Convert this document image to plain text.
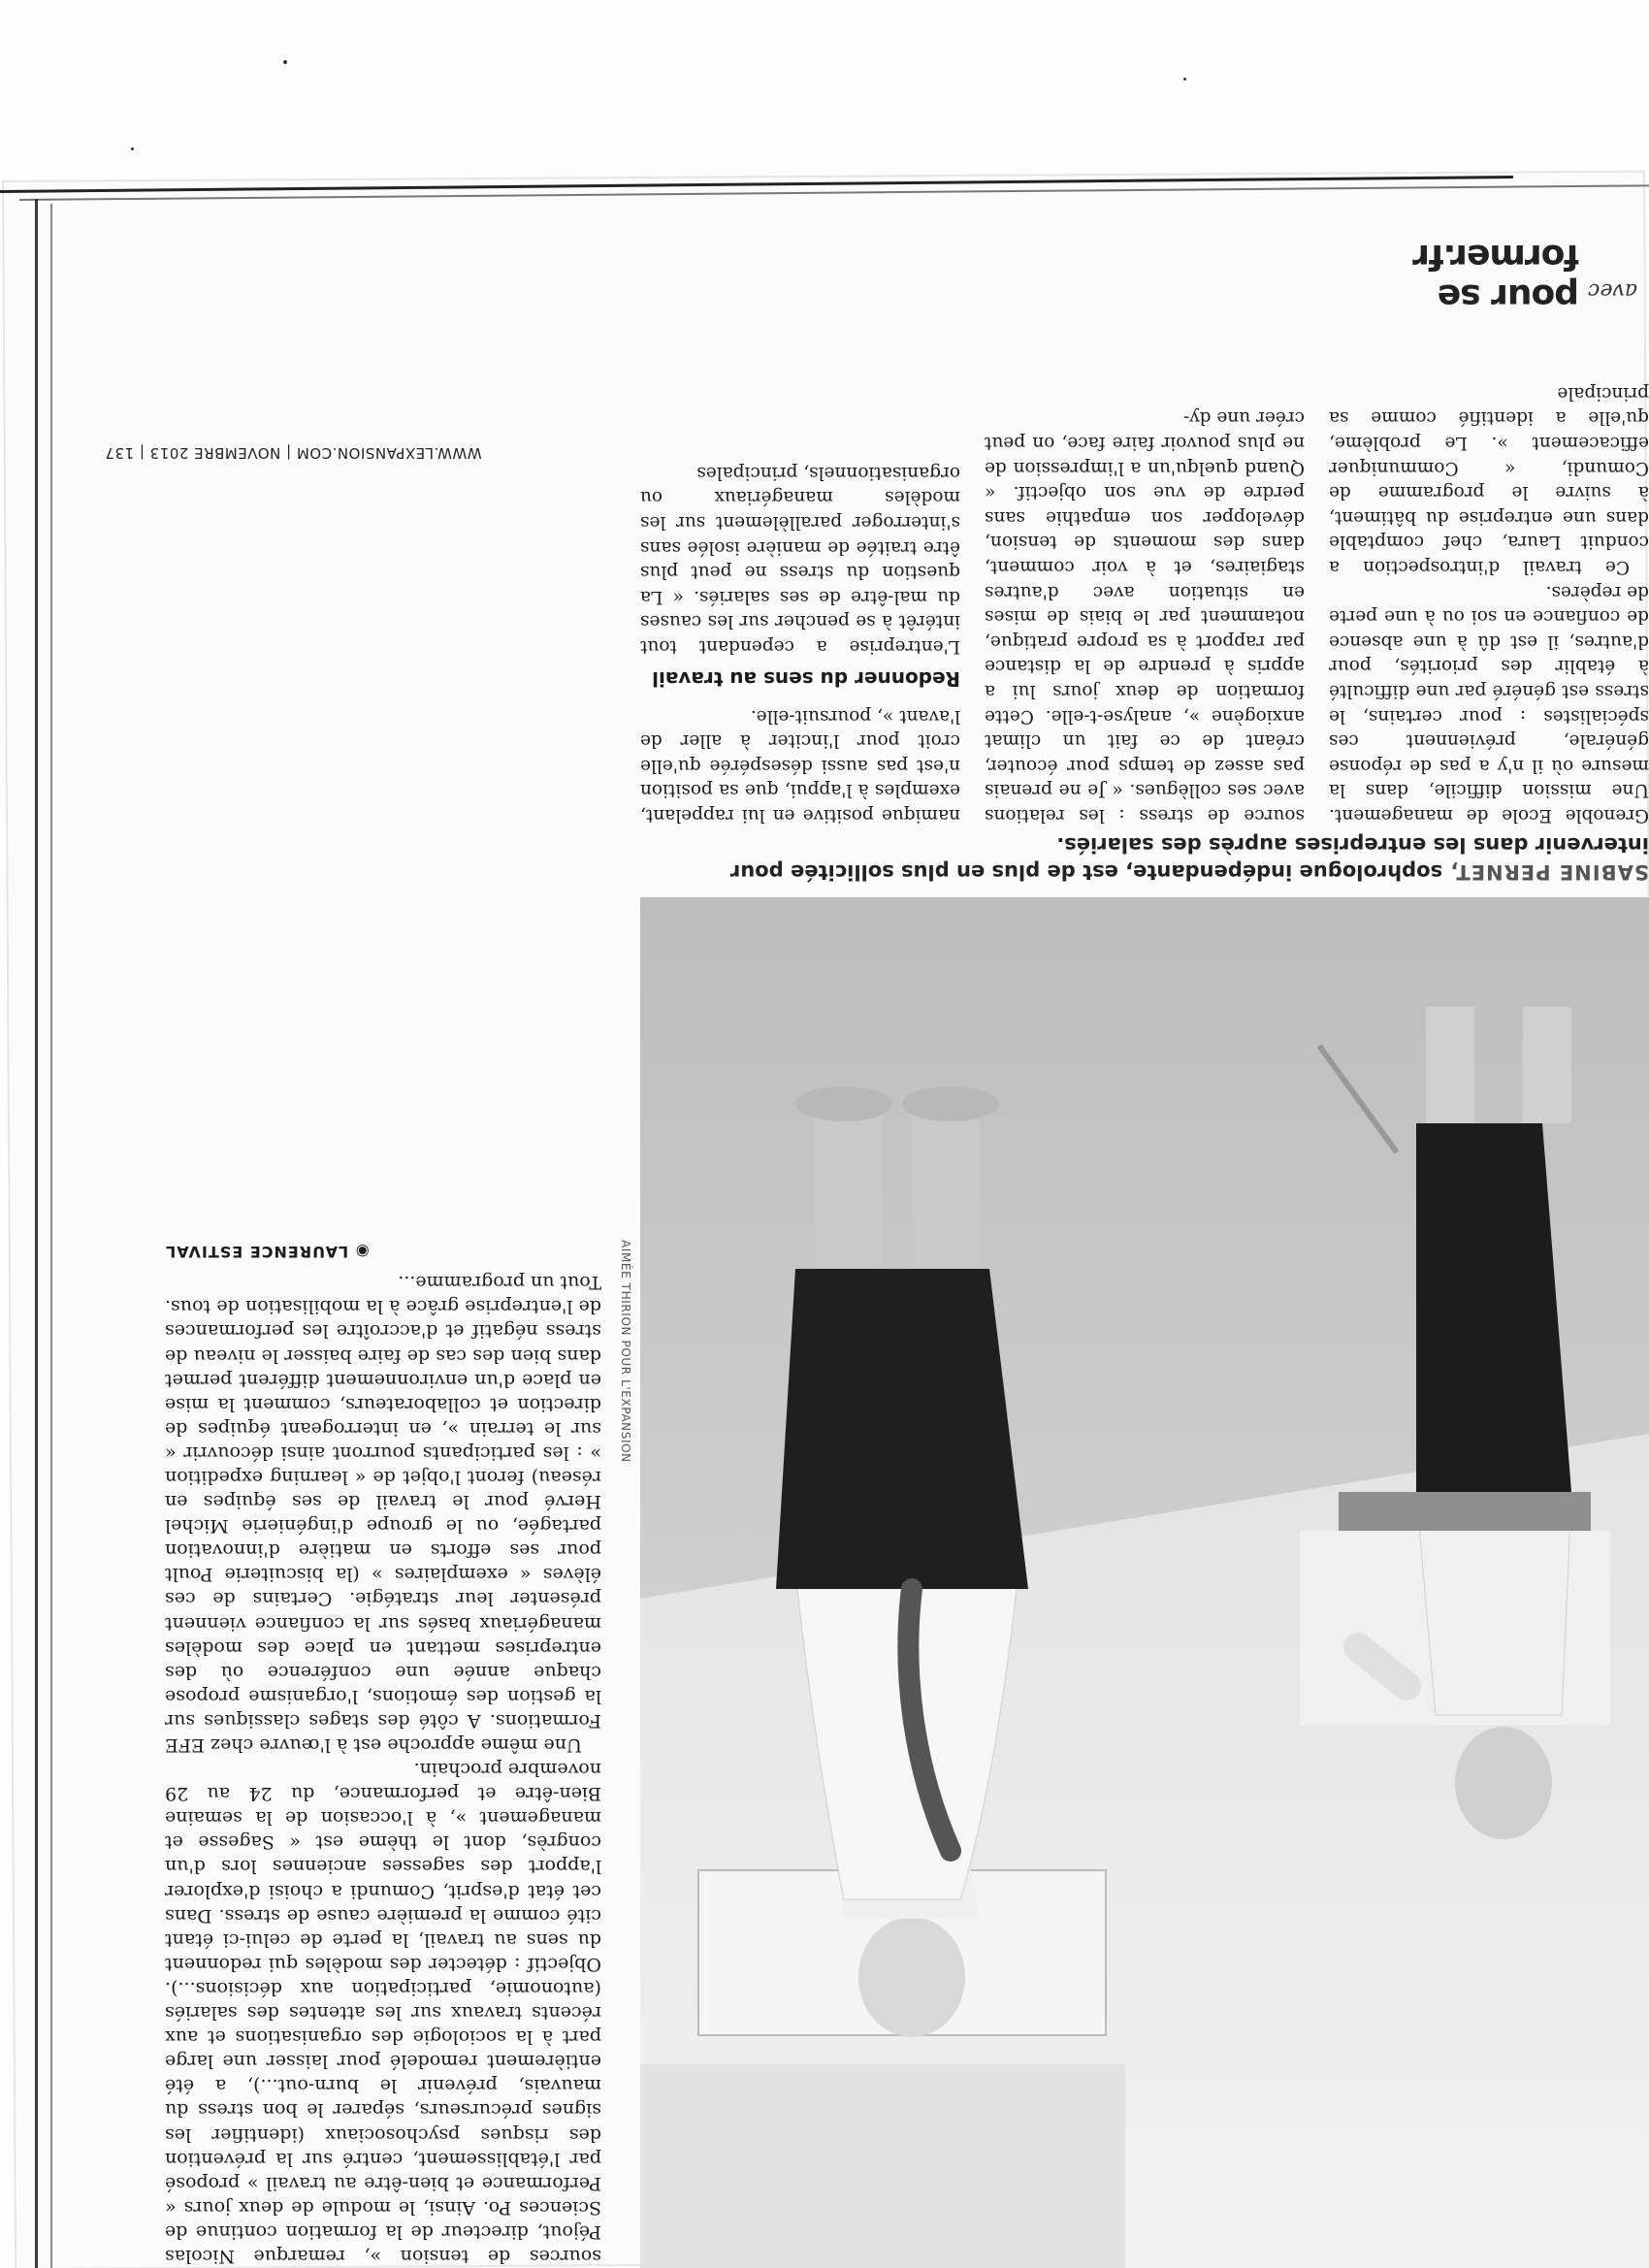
WWW.LEXPANSION.COM | NOVEMBRE 2013 | 137
AIMÉE THIRION POUR L'EXPANSION
SABINE PERNET, sophrologue indépendante, est de plus en plus sollicitée pour intervenir dans les entreprises auprès des salariés.

Grenoble Ecole de management. Une mission difficile, dans la mesure où il n'y a pas de réponse générale, préviennent ces spécialistes : pour certains, le stress est généré par une difficulté à établir des priorités, pour d'autres, il est dû à une absence de confiance en soi ou à une perte de repères.

Ce travail d'introspection a conduit Laura, chef comptable dans une entreprise du bâtiment, à suivre le programme de Comundi, « Communiquer efficacement ». Le problème, qu'elle a identifié comme sa principale

source de stress : les relations avec ses collègues. « Je ne prenais pas assez de temps pour écouter, créant de ce fait un climat anxiogène », analyse-t-elle. Cette formation de deux jours lui a appris à prendre de la distance par rapport à sa propre pratique, notamment par le biais de mises en situation avec d'autres stagiaires, et à voir comment, dans des moments de tension, développer son empathie sans perdre de vue son objectif. « Quand quelqu'un a l'impression de ne plus pouvoir faire face, on peut créer une dy-

namique positive en lui rappelant, exemples à l'appui, que sa position n'est pas aussi désespérée qu'elle croit pour l'inciter à aller de l'avant », poursuit-elle.

Redonner du sens au travail

L'entreprise a cependant tout intérêt à se pencher sur les causes du mal-être de ses salariés. « La question du stress ne peut plus être traitée de manière isolée sans s'interroger parallèlement sur les modèles managériaux ou organisationnels, principales

sources de tension », remarque Nicolas Péjout, directeur de la formation continue de Sciences Po. Ainsi, le module de deux jours « Performance et bien-être au travail » proposé par l'établissement, centré sur la prévention des risques psychosociaux (identifier les signes précurseurs, séparer le bon stress du mauvais, prévenir le burn-out...), a été entièrement remodelé pour laisser une large part à la sociologie des organisations et aux récents travaux sur les attentes des salariés (autonomie, participation aux décisions...). Objectif : détecter des modèles qui redonnent du sens au travail, la perte de celui-ci étant cité comme la première cause de stress. Dans cet état d'esprit, Comundi a choisi d'explorer l'apport des sagesses anciennes lors d'un congrès, dont le thème est « Sagesse et management », à l'occasion de la semaine Bien-être et performance, du 24 au 29 novembre prochain.

Une même approche est à l'œuvre chez EFE Formations. A côté des stages classiques sur la gestion des émotions, l'organisme propose chaque année une conférence où des entreprises mettant en place des modèles managériaux basés sur la confiance viennent présenter leur stratégie. Certains de ces élèves « exemplaires » (la biscuiterie Poult pour ses efforts en matière d'innovation partagée, ou le groupe d'ingénierie Michel Hervé pour le travail de ses équipes en réseau) feront l'objet de « learning expedition » : les participants pourront ainsi découvrir « sur le terrain », en interrogeant équipes de direction et collaborateurs, comment la mise en place d'un environnement différent permet dans bien des cas de faire baisser le niveau de stress négatif et d'accroître les performances de l'entreprise grâce à la mobilisation de tous. Tout un programme...

◉ LAURENCE ESTIVAL
avec
pour se former.fr
